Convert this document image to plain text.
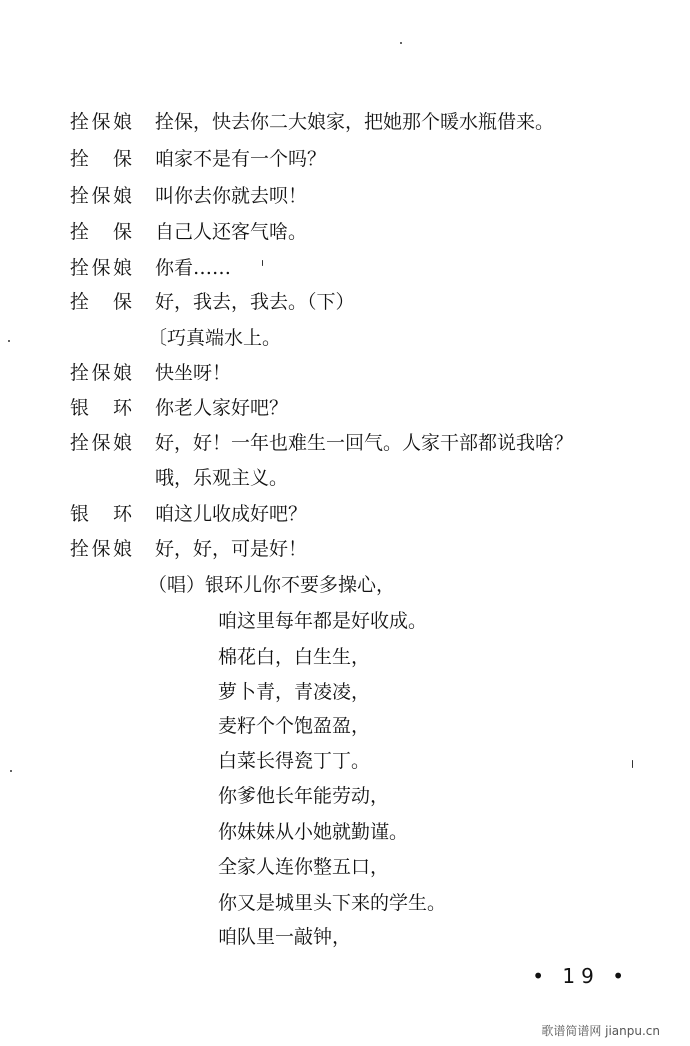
拴保娘 拴保，快去你二大娘家，把她那个暖水瓶借来。
拴保 咱家不是有一个吗？
拴保娘 叫你去你就去呗！
拴保 自己人还客气啥。
拴保娘 你看……
拴保 好，我去，我去。（下）
〔巧真端水上。
拴保娘 快坐呀！
银环 你老人家好吧？
拴保娘 好，好！一年也难生一回气。人家干部都说我啥？
哦，乐观主义。
银环 咱这儿收成好吧？
拴保娘 好，好，可是好！
（唱）银环儿你不要多操心，
咱这里每年都是好收成。
棉花白，白生生，
萝卜青，青凌凌，
麦籽个个饱盈盈，
白菜长得瓷丁丁。
你爹他长年能劳动，
你妹妹从小她就勤谨。
全家人连你整五口，
你又是城里头下来的学生。
咱队里一敲钟，
• 19 •
歌谱简谱网 jianpu.cn
